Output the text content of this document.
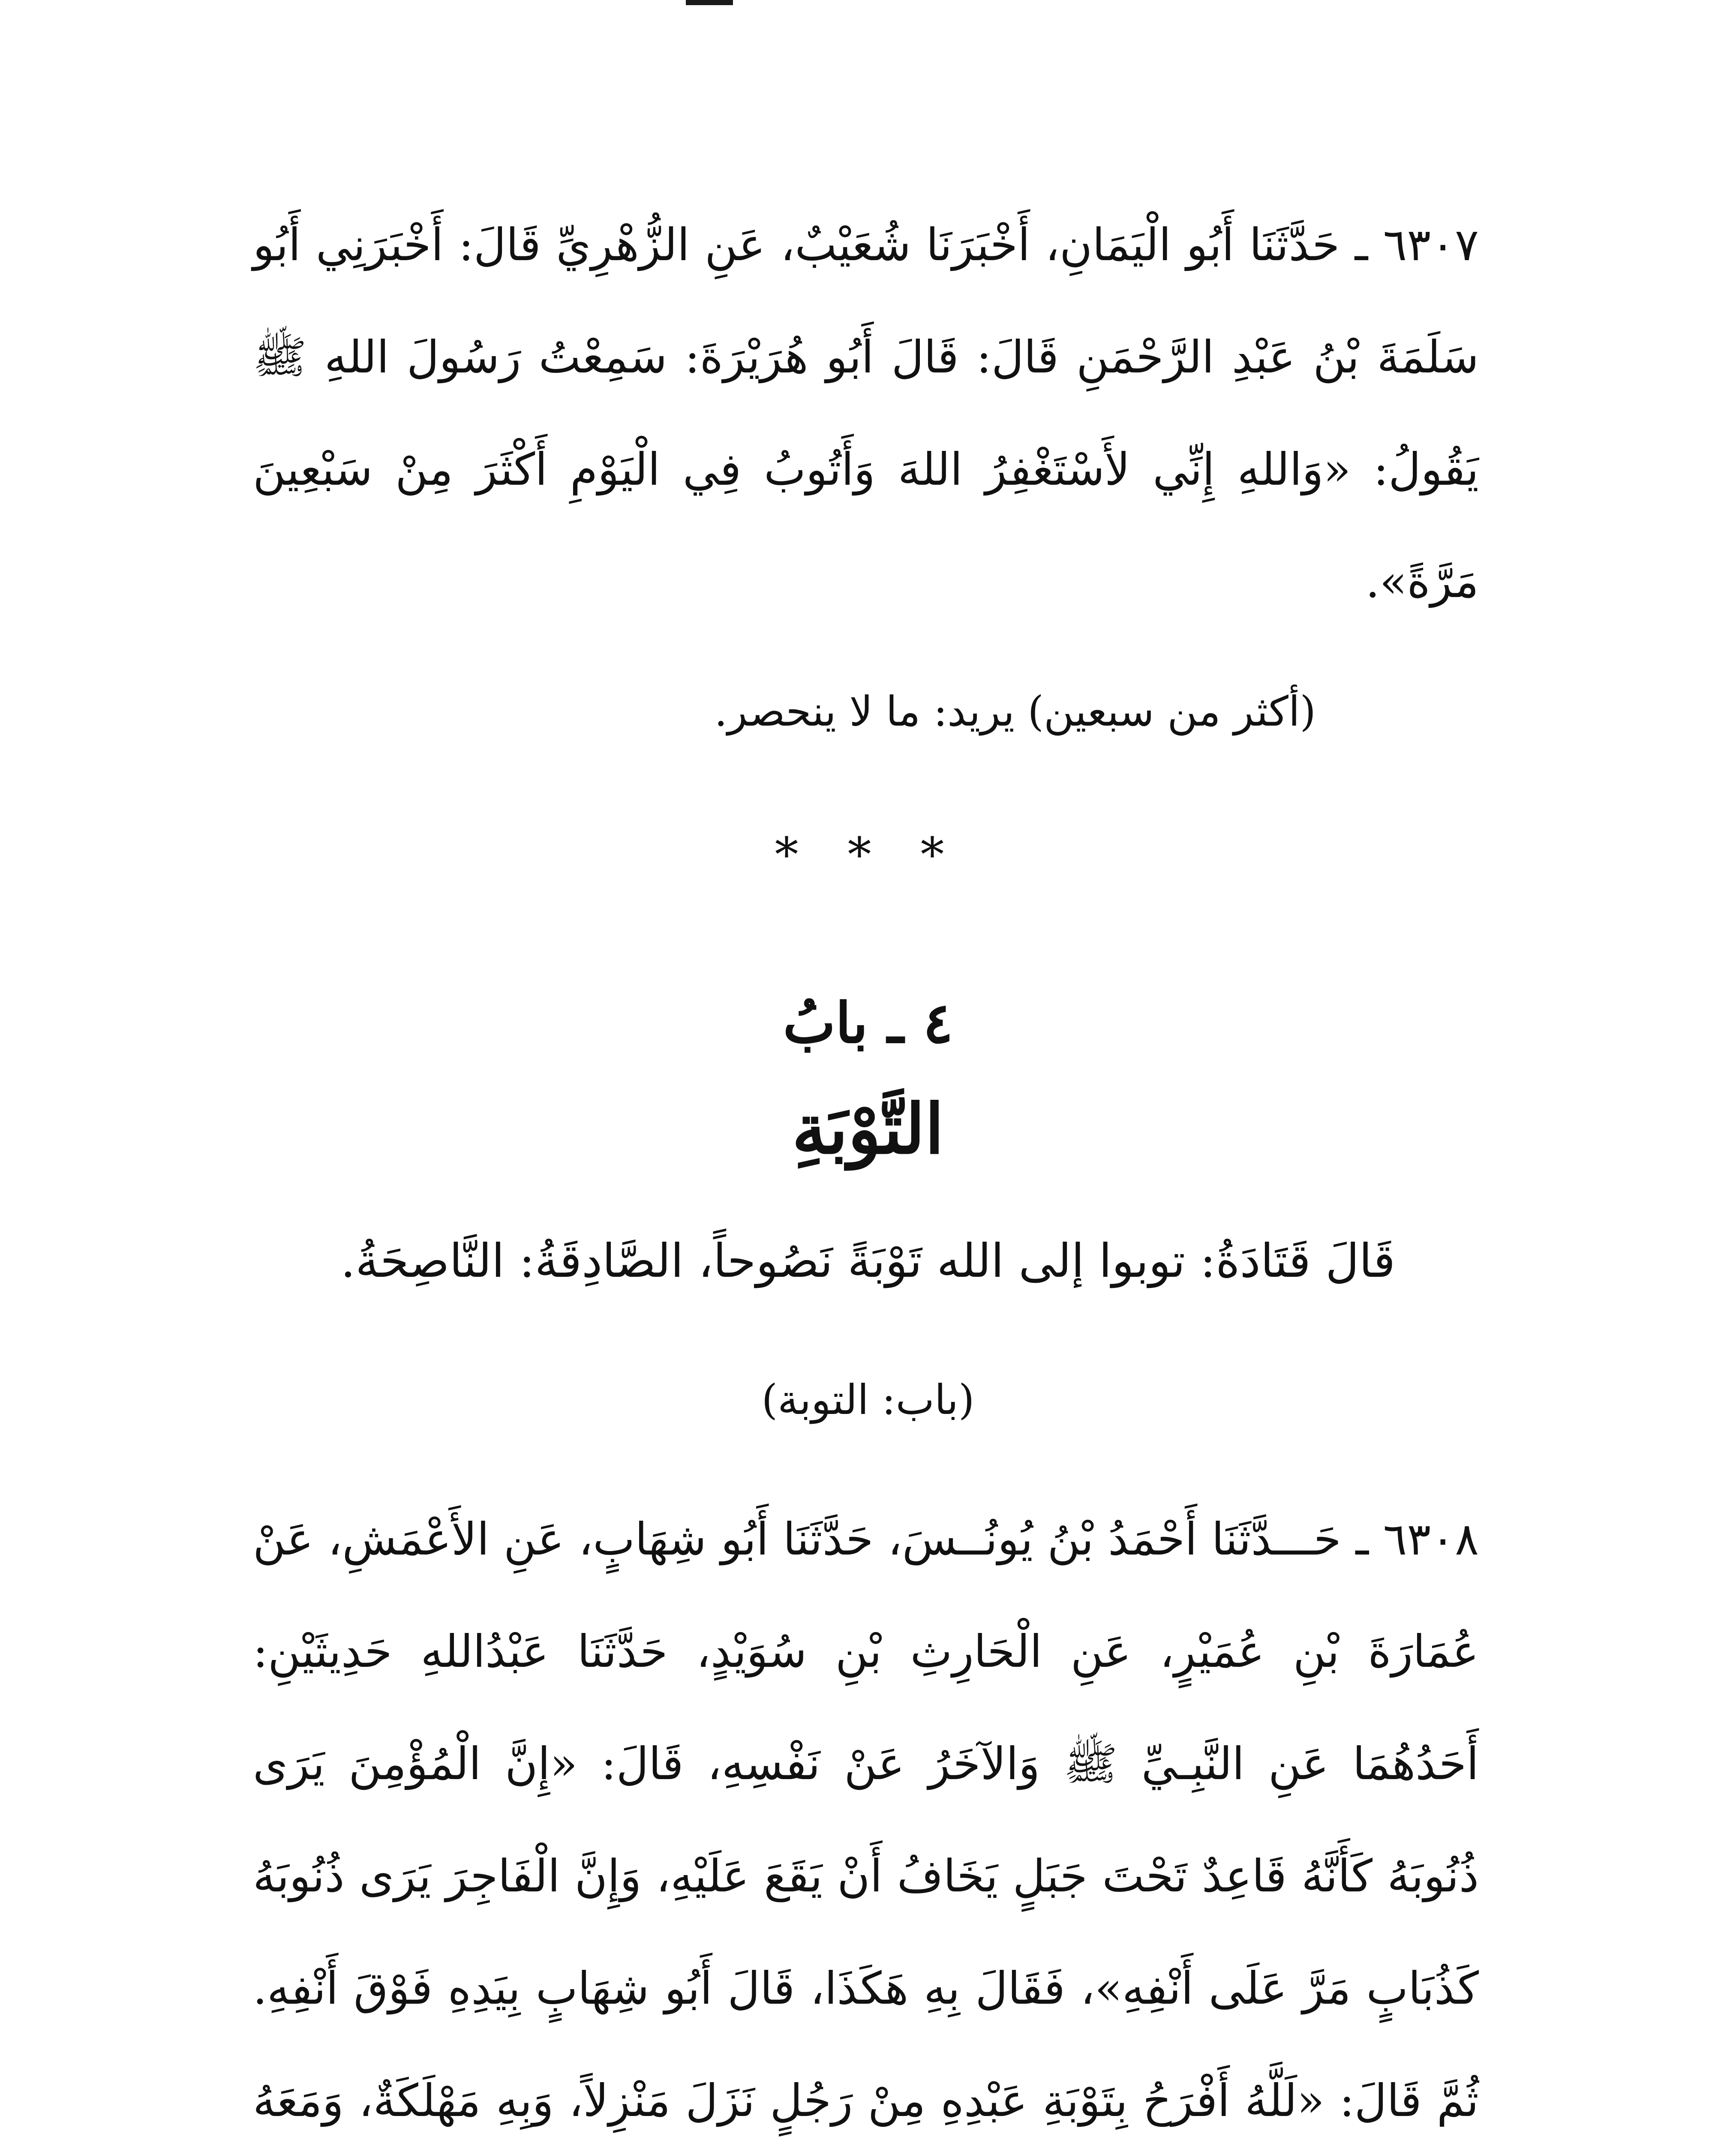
٦٣٠٧ ـ حَدَّثَنَا أَبُو الْيَمَانِ، أَخْبَرَنَا شُعَيْبٌ، عَنِ الزُّهْرِيِّ قَالَ: أَخْبَرَنِي أَبُو سَلَمَةَ بْنُ عَبْدِ الرَّحْمَنِ قَالَ: قَالَ أَبُو هُرَيْرَةَ: سَمِعْتُ رَسُولَ اللهِ ﷺ يَقُولُ: «وَاللهِ إِنِّي لأَسْتَغْفِرُ اللهَ وَأَتُوبُ فِي الْيَوْمِ أَكْثَرَ مِنْ سَبْعِينَ مَرَّةً».

(أكثر من سبعين) يريد: ما لا ينحصر.
* * *
٤ ـ بابُ
التَّوْبَةِ
قَالَ قَتَادَةُ: توبوا إلى الله تَوْبَةً نَصُوحاً، الصَّادِقَةُ: النَّاصِحَةُ.
(باب: التوبة)

٦٣٠٨ ـ حَـــدَّثَنَا أَحْمَدُ بْنُ يُونُــسَ، حَدَّثَنَا أَبُو شِهَابٍ، عَنِ الأَعْمَشِ، عَنْ عُمَارَةَ بْنِ عُمَيْرٍ، عَنِ الْحَارِثِ بْنِ سُوَيْدٍ، حَدَّثَنَا عَبْدُاللهِ حَدِيثَيْنِ: أَحَدُهُمَا عَنِ النَّبِـيِّ ﷺ وَالآخَرُ عَنْ نَفْسِهِ، قَالَ: «إِنَّ الْمُؤْمِنَ يَرَى ذُنُوبَهُ كَأَنَّهُ قَاعِدٌ تَحْتَ جَبَلٍ يَخَافُ أَنْ يَقَعَ عَلَيْهِ، وَإِنَّ الْفَاجِرَ يَرَى ذُنُوبَهُ كَذُبَابٍ مَرَّ عَلَى أَنْفِهِ»، فَقَالَ بِهِ هَكَذَا، قَالَ أَبُو شِهَابٍ بِيَدِهِ فَوْقَ أَنْفِهِ. ثُمَّ قَالَ: «لَلَّهُ أَفْرَحُ بِتَوْبَةِ عَبْدِهِ مِنْ رَجُلٍ نَزَلَ مَنْزِلاً، وَبِهِ مَهْلَكَةٌ، وَمَعَهُ
